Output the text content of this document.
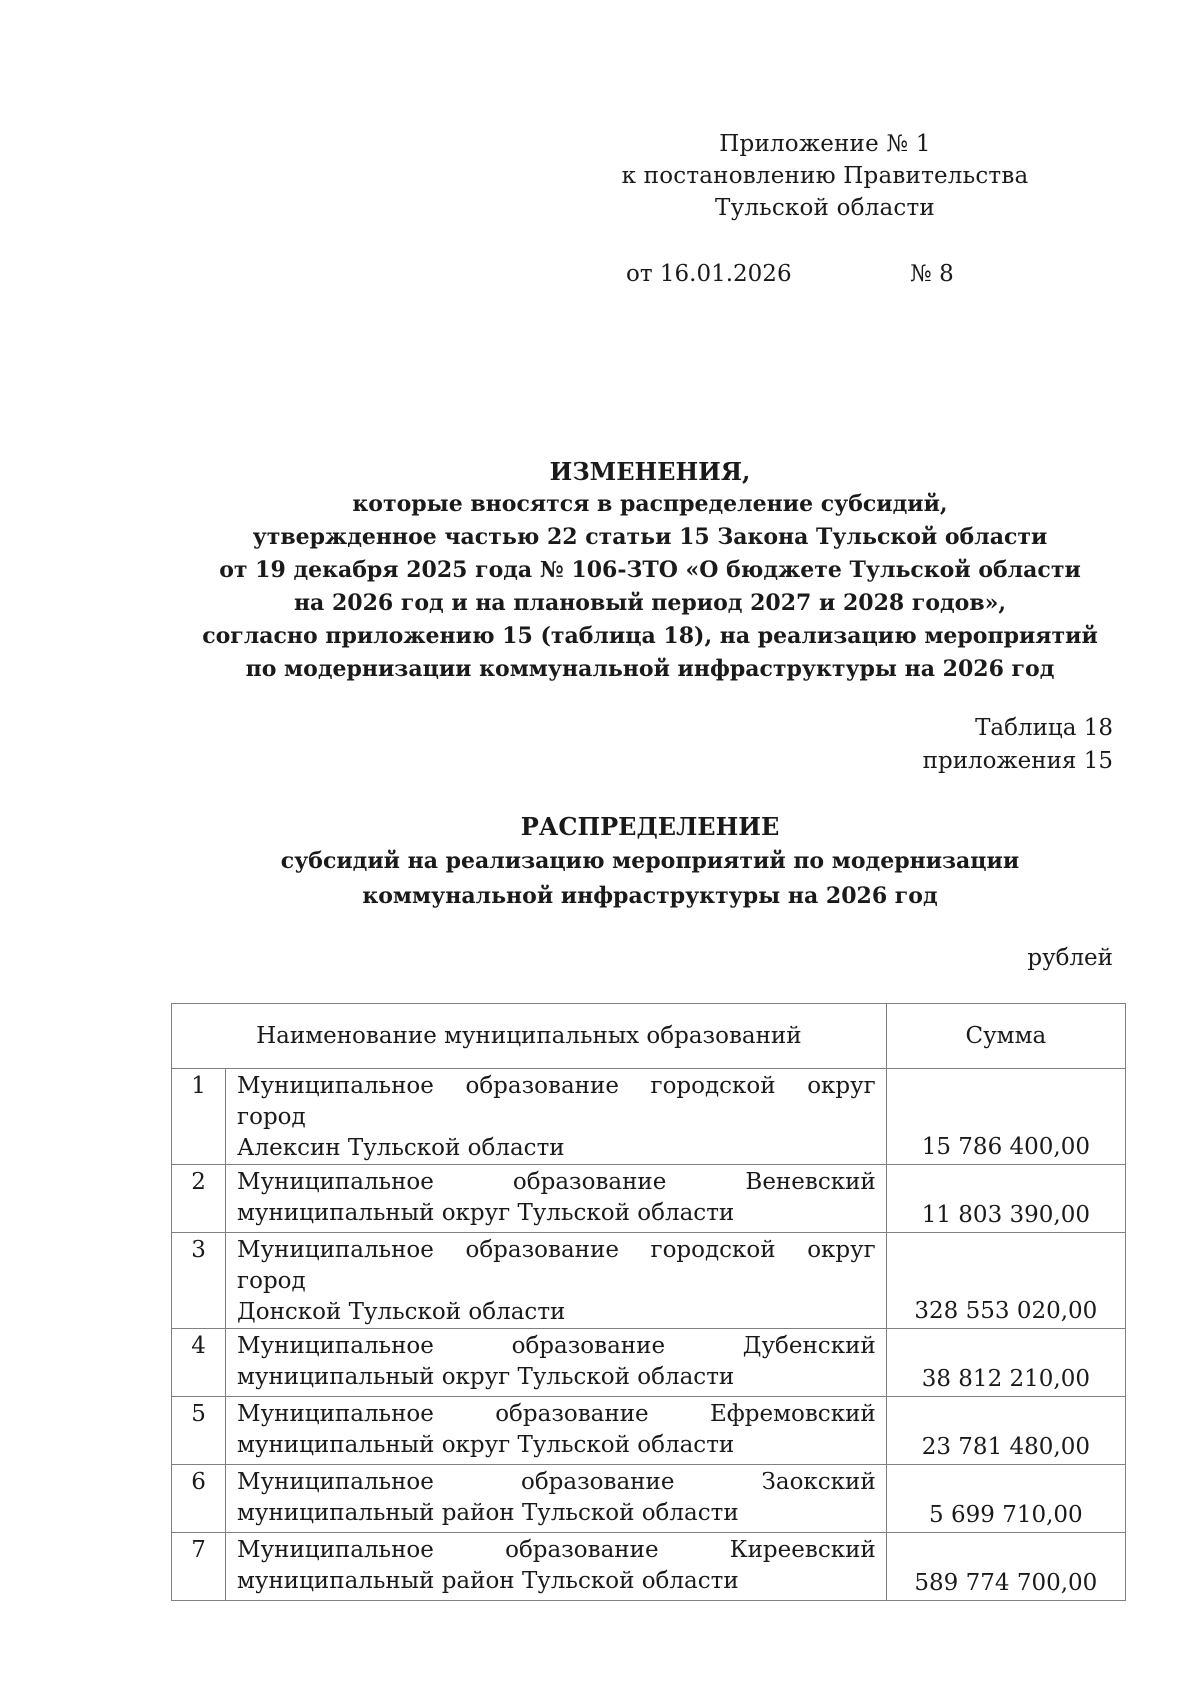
Приложение № 1
к постановлению Правительства
Тульской области
от 16.01.2026	№ 8
ИЗМЕНЕНИЯ,
которые вносятся в распределение субсидий,
утвержденное частью 22 статьи 15 Закона Тульской области
от 19 декабря 2025 года № 106-ЗТО «О бюджете Тульской области
на 2026 год и на плановый период 2027 и 2028 годов»,
согласно приложению 15 (таблица 18), на реализацию мероприятий
по модернизации коммунальной инфраструктуры на 2026 год
Таблица 18
приложения 15
РАСПРЕДЕЛЕНИЕ
субсидий на реализацию мероприятий по модернизации
коммунальной инфраструктуры на 2026 год
рублей
Наименование муниципальных образований		Сумма
1	Муниципальное образование городской округ город
Алексин Тульской области	15 786 400,00
2	Муниципальное образование Веневский
муниципальный округ Тульской области	11 803 390,00
3	Муниципальное образование городской округ город
Донской Тульской области	328 553 020,00
4	Муниципальное образование Дубенский
муниципальный округ Тульской области	38 812 210,00
5	Муниципальное образование Ефремовский
муниципальный округ Тульской области	23 781 480,00
6	Муниципальное образование Заокский
муниципальный район Тульской области	5 699 710,00
7	Муниципальное образование Киреевский
муниципальный район Тульской области	589 774 700,00
